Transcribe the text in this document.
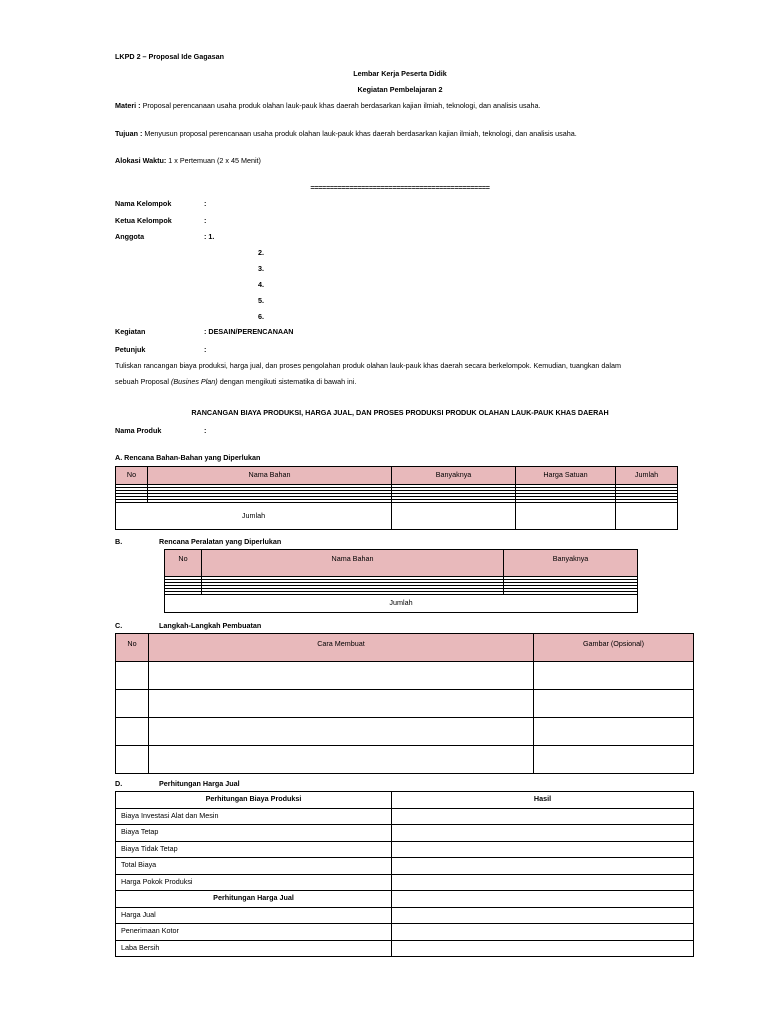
LKPD 2 – Proposal Ide Gagasan
Lembar Kerja Peserta Didik
Kegiatan Pembelajaran 2
Materi : Proposal perencanaan usaha produk olahan lauk-pauk khas daerah berdasarkan kajian ilmiah, teknologi, dan analisis usaha.
Tujuan : Menyusun proposal perencanaan usaha produk olahan lauk-pauk khas daerah berdasarkan kajian ilmiah, teknologi, dan analisis usaha.
Alokasi Waktu: 1 x Pertemuan (2 x 45 Menit)
==============================================
Nama Kelompok	:
Ketua Kelompok	:
Anggota	: 1.
2.
3.
4.
5.
6.
Kegiatan	: DESAIN/PERENCANAAN
Petunjuk	:
Tuliskan rancangan biaya produksi, harga jual, dan proses pengolahan produk olahan lauk-pauk khas daerah secara berkelompok. Kemudian, tuangkan dalam
sebuah Proposal (Busines Plan) dengan mengikuti sistematika di bawah ini.
RANCANGAN BIAYA PRODUKSI, HARGA JUAL, DAN PROSES PRODUKSI PRODUK OLAHAN LAUK-PAUK KHAS DAERAH
Nama Produk	:
A. Rencana Bahan-Bahan yang Diperlukan
No	Nama Bahan	Banyaknya	Harga Satuan	Jumlah

Jumlah				
B.	Rencana Peralatan yang Diperlukan
No	Nama Bahan	Banyaknya

Jumlah		
C.	Langkah-Langkah Pembuatan
No	Cara Membuat	Gambar (Opsional)

D.	Perhitungan Harga Jual
Perhitungan Biaya Produksi	Hasil
Biaya Investasi Alat dan Mesin	
Biaya Tetap	
Biaya Tidak Tetap	
Total Biaya	
Harga Pokok Produksi	
Perhitungan Harga Jual	
Harga Jual	
Penerimaan Kotor	
Laba Bersih	
